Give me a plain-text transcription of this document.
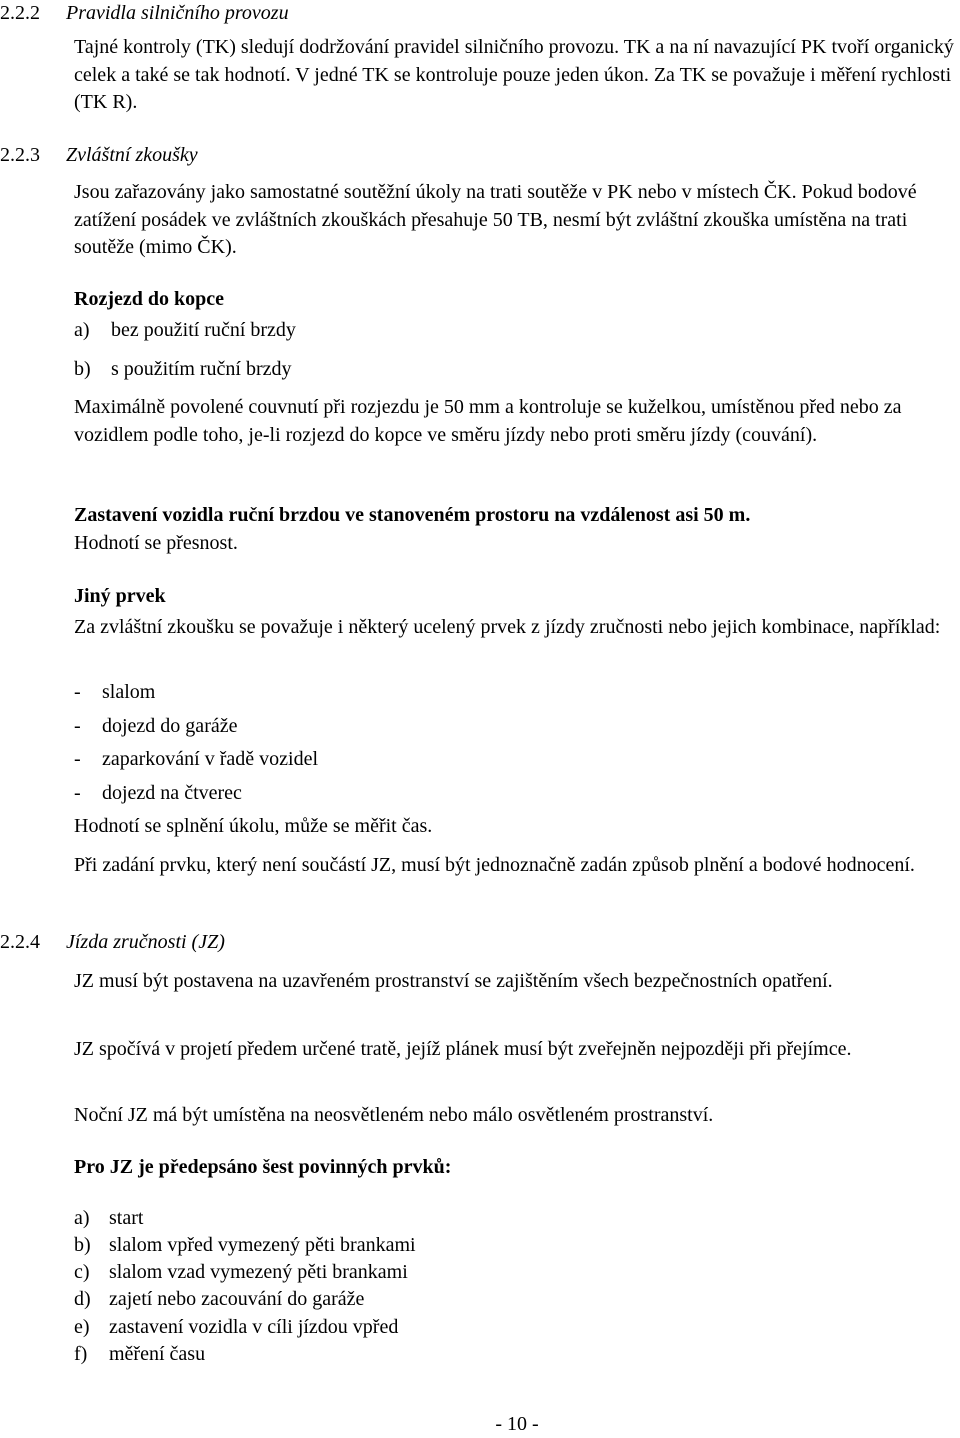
2.2.2 Pravidla silničního provozu

Tajné kontroly (TK) sledují dodržování pravidel silničního provozu. TK a na ní navazující PK tvoří organický celek a také se tak hodnotí. V jedné TK se kontroluje pouze jeden úkon. Za TK se považuje i měření rychlosti (TK R).

2.2.3 Zvláštní zkoušky

Jsou zařazovány jako samostatné soutěžní úkoly na trati soutěže v PK nebo v místech ČK. Pokud bodové zatížení posádek ve zvláštních zkouškách přesahuje 50 TB, nesmí být zvláštní zkouška umístěna na trati soutěže (mimo ČK).

Rozjezd do kopce
a) bez použití ruční brzdy
b) s použitím ruční brzdy

Maximálně povolené couvnutí při rozjezdu je 50 mm a kontroluje se kuželkou, umístěnou před nebo za vozidlem podle toho, je-li rozjezd do kopce ve směru jízdy nebo proti směru jízdy (couvání).

Zastavení vozidla ruční brzdou ve stanoveném prostoru na vzdálenost asi 50 m.
Hodnotí se přesnost.
Jiný prvek

Za zvláštní zkoušku se považuje i některý ucelený prvek z jízdy zručnosti nebo jejich kombinace, například:

- slalom
- dojezd do garáže
- zaparkování v řadě vozidel
- dojezd na čtverec
Hodnotí se splnění úkolu, může se měřit čas.

Při zadání prvku, který není součástí JZ, musí být jednoznačně zadán způsob plnění a bodové hodnocení.

2.2.4 Jízda zručnosti (JZ)

JZ musí být postavena na uzavřeném prostranství se zajištěním všech bezpečnostních opatření.

JZ spočívá v projetí předem určené tratě, jejíž plánek musí být zveřejněn nejpozději při přejímce.

Noční JZ má být umístěna na neosvětleném nebo málo osvětleném prostranství.
Pro JZ je předepsáno šest povinných prvků:
a) start
b) slalom vpřed vymezený pěti brankami
c) slalom vzad vymezený pěti brankami
d) zajetí nebo zacouvání do garáže
e) zastavení vozidla v cíli jízdou vpřed
f) měření času
- 10 -
